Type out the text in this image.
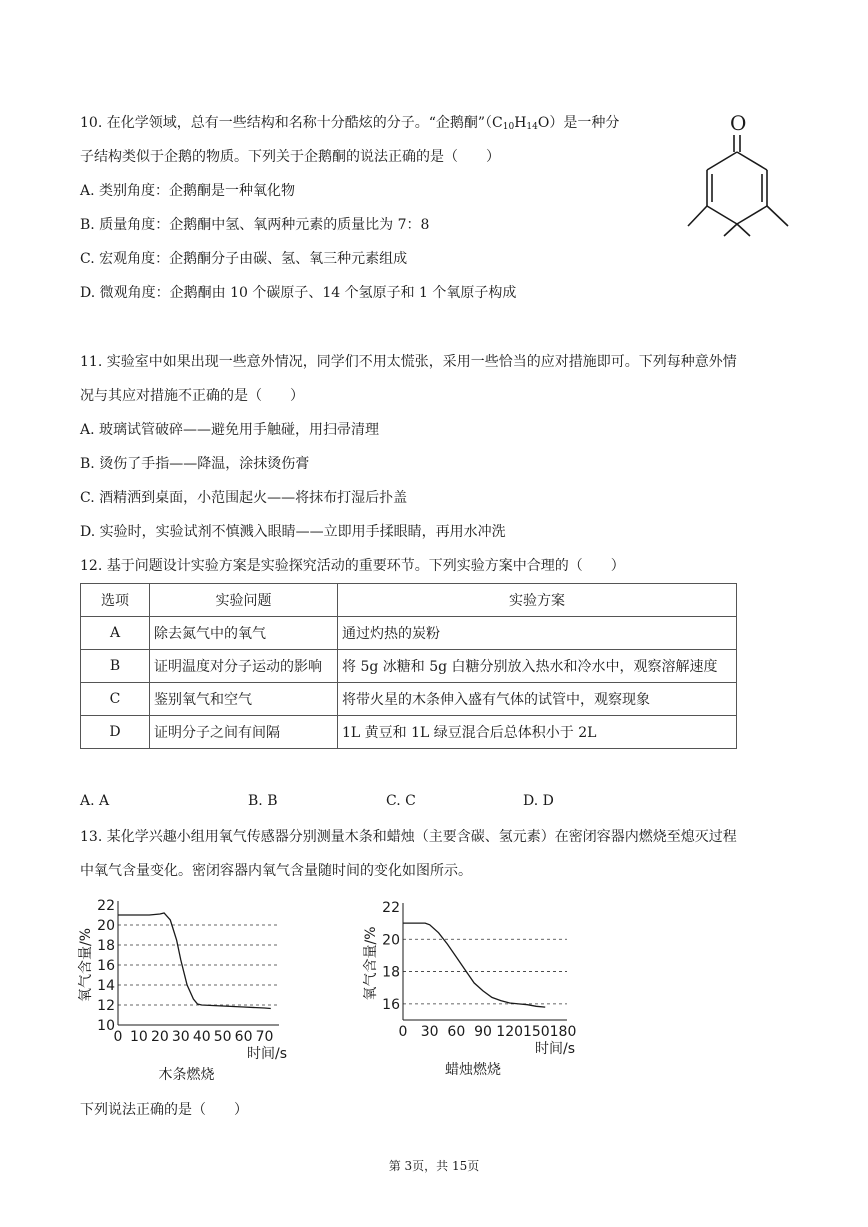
10. 在化学领域，总有一些结构和名称十分酷炫的分子。“企鹅酮$”(C_{10}H_{14}O)$是一种分
子结构类似于企鹅的物质。下列关于企鹅酮的说法正确的是（　　）
A. 类别角度：企鹅酮是一种氧化物
B. 质量角度：企鹅酮中氢、氧两种元素的质量比为 7：8
C. 宏观角度：企鹅酮分子由碳、氢、氧三种元素组成
D. 微观角度：企鹅酮由 10 个碳原子、14 个氢原子和 1 个氧原子构成
O
11. 实验室中如果出现一些意外情况，同学们不用太慌张，采用一些恰当的应对措施即可。下列每种意外情
况与其应对措施不正确的是（　　）
A. 玻璃试管破碎——避免用手触碰，用扫帚清理
B. 烫伤了手指——降温，涂抹烫伤膏
C. 酒精洒到桌面，小范围起火——将抹布打湿后扑盖
D. 实验时，实验试剂不慎溅入眼睛——立即用手揉眼睛，再用水冲洗
12. 基于问题设计实验方案是实验探究活动的重要环节。下列实验方案中合理的（　　）
选项	实验问题	实验方案
A	除去氮气中的氧气	通过灼热的炭粉
B	证明温度对分子运动的影响	将 5g 冰糖和 5g 白糖分别放入热水和冷水中，观察溶解速度
C	鉴别氧气和空气	将带火星的木条伸入盛有气体的试管中，观察现象
D	证明分子之间有间隔	1L 黄豆和 1L 绿豆混合后总体积小于 2L
A. A	B. B	C. C	D. D
13. 某化学兴趣小组用氧气传感器分别测量木条和蜡烛（主要含碳、氢元素）在密闭容器内燃烧至熄灭过程
中氧气含量变化。密闭容器内氧气含量随时间的变化如图所示。
10
12
14
16
18
20
22
0 10 20 30 40 50 60 70
氧气含量/%
时间/s
木条燃烧
16
18
20
22
0 30 60 90 120 150 180
氧气含量/%
时间/s
蜡烛燃烧
下列说法正确的是（　　）
第 3页，共 15页
